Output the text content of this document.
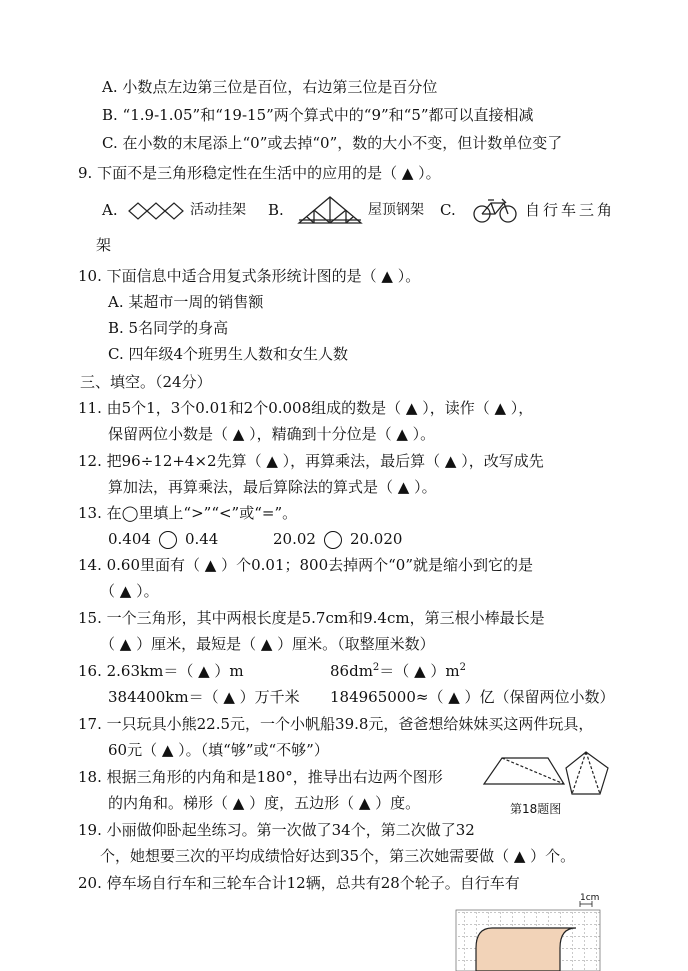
A. 小数点左边第三位是百位，右边第三位是百分位
B. “1.9-1.05”和“19-15”两个算式中的“9”和“5”都可以直接相减
C. 在小数的末尾添上“0”或去掉“0”，数的大小不变，但计数单位变了
9. 下面不是三角形稳定性在生活中的应用的是（ ▲ ）。
A.	活动挂架 B.	屋顶钢架 C.	自行车三角
架
10. 下面信息中适合用复式条形统计图的是（ ▲ ）。
A. 某超市一周的销售额
B. 5名同学的身高
C. 四年级4个班男生人数和女生人数
三、填空。（24分）
11. 由5个1，3个0.01和2个0.008组成的数是（ ▲ ），读作（ ▲ ），
保留两位小数是（ ▲ ），精确到十分位是（ ▲ ）。
12. 把96÷12+4×2先算（ ▲ ），再算乘法，最后算（ ▲ ），改写成先
算加法，再算乘法，最后算除法的算式是（ ▲ ）。
13. 在◯里填上“>”“<”或“=”。
0.404 0.44	20.02 20.020
14. 0.60里面有（ ▲ ）个0.01；800去掉两个“0”就是缩小到它的是
（ ▲ ）。
15. 一个三角形，其中两根长度是5.7cm和9.4cm，第三根小棒最长是
（ ▲ ）厘米，最短是（ ▲ ）厘米。（取整厘米数）
16. 2.63km＝（ ▲ ）m	$86dm^2=$（ ▲ ）$m^2$
384400km＝（ ▲ ）万千米 184965000≈（ ▲ ）亿（保留两位小数）
17. 一只玩具小熊22.5元，一个小帆船39.8元，爸爸想给妹妹买这两件玩具，
60元（ ▲ ）。（填“够”或“不够”）
18. 根据三角形的内角和是180°，推导出右边两个图形
的内角和。梯形（ ▲ ）度，五边形（ ▲ ）度。	第18题图
19. 小丽做仰卧起坐练习。第一次做了34个，第二次做了32
个，她想要三次的平均成绩恰好达到35个，第三次她需要做（ ▲ ）个。
20. 停车场自行车和三轮车合计12辆，总共有28个轮子。自行车有
1cm
